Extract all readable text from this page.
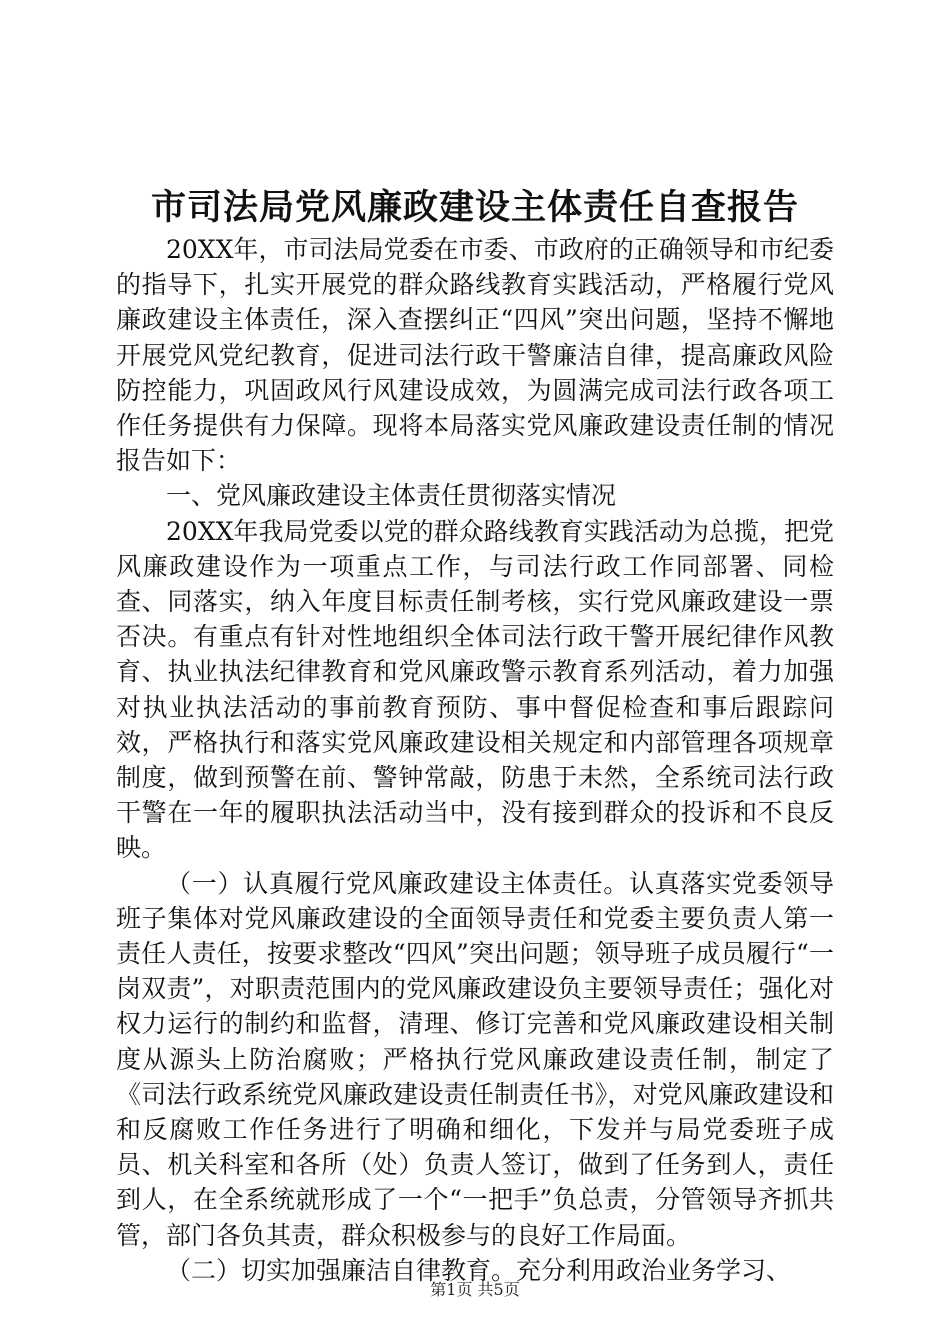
市司法局党风廉政建设主体责任自查报告

20XX年，市司法局党委在市委、市政府的正确领导和市纪委的指导下，扎实开展党的群众路线教育实践活动，严格履行党风廉政建设主体责任，深入查摆纠正“四风”突出问题，坚持不懈地开展党风党纪教育，促进司法行政干警廉洁自律，提高廉政风险防控能力，巩固政风行风建设成效，为圆满完成司法行政各项工作任务提供有力保障。现将本局落实党风廉政建设责任制的情况报告如下：

一、党风廉政建设主体责任贯彻落实情况

20XX年我局党委以党的群众路线教育实践活动为总揽，把党风廉政建设作为一项重点工作，与司法行政工作同部署、同检查、同落实，纳入年度目标责任制考核，实行党风廉政建设一票否决。有重点有针对性地组织全体司法行政干警开展纪律作风教育、执业执法纪律教育和党风廉政警示教育系列活动，着力加强对执业执法活动的事前教育预防、事中督促检查和事后跟踪问效，严格执行和落实党风廉政建设相关规定和内部管理各项规章制度，做到预警在前、警钟常敲，防患于未然，全系统司法行政干警在一年的履职执法活动当中，没有接到群众的投诉和不良反映。

（一）认真履行党风廉政建设主体责任。认真落实党委领导班子集体对党风廉政建设的全面领导责任和党委主要负责人第一责任人责任，按要求整改“四风”突出问题；领导班子成员履行“一岗双责”，对职责范围内的党风廉政建设负主要领导责任；强化对权力运行的制约和监督，清理、修订完善和党风廉政建设相关制度从源头上防治腐败；严格执行党风廉政建设责任制，制定了《司法行政系统党风廉政建设责任制责任书》，对党风廉政建设和和反腐败工作任务进行了明确和细化，下发并与局党委班子成员、机关科室和各所（处）负责人签订，做到了任务到人，责任到人，在全系统就形成了一个“一把手”负总责，分管领导齐抓共管，部门各负其责，群众积极参与的良好工作局面。

（二）切实加强廉洁自律教育。充分利用政治业务学习、

第1页 共5页
